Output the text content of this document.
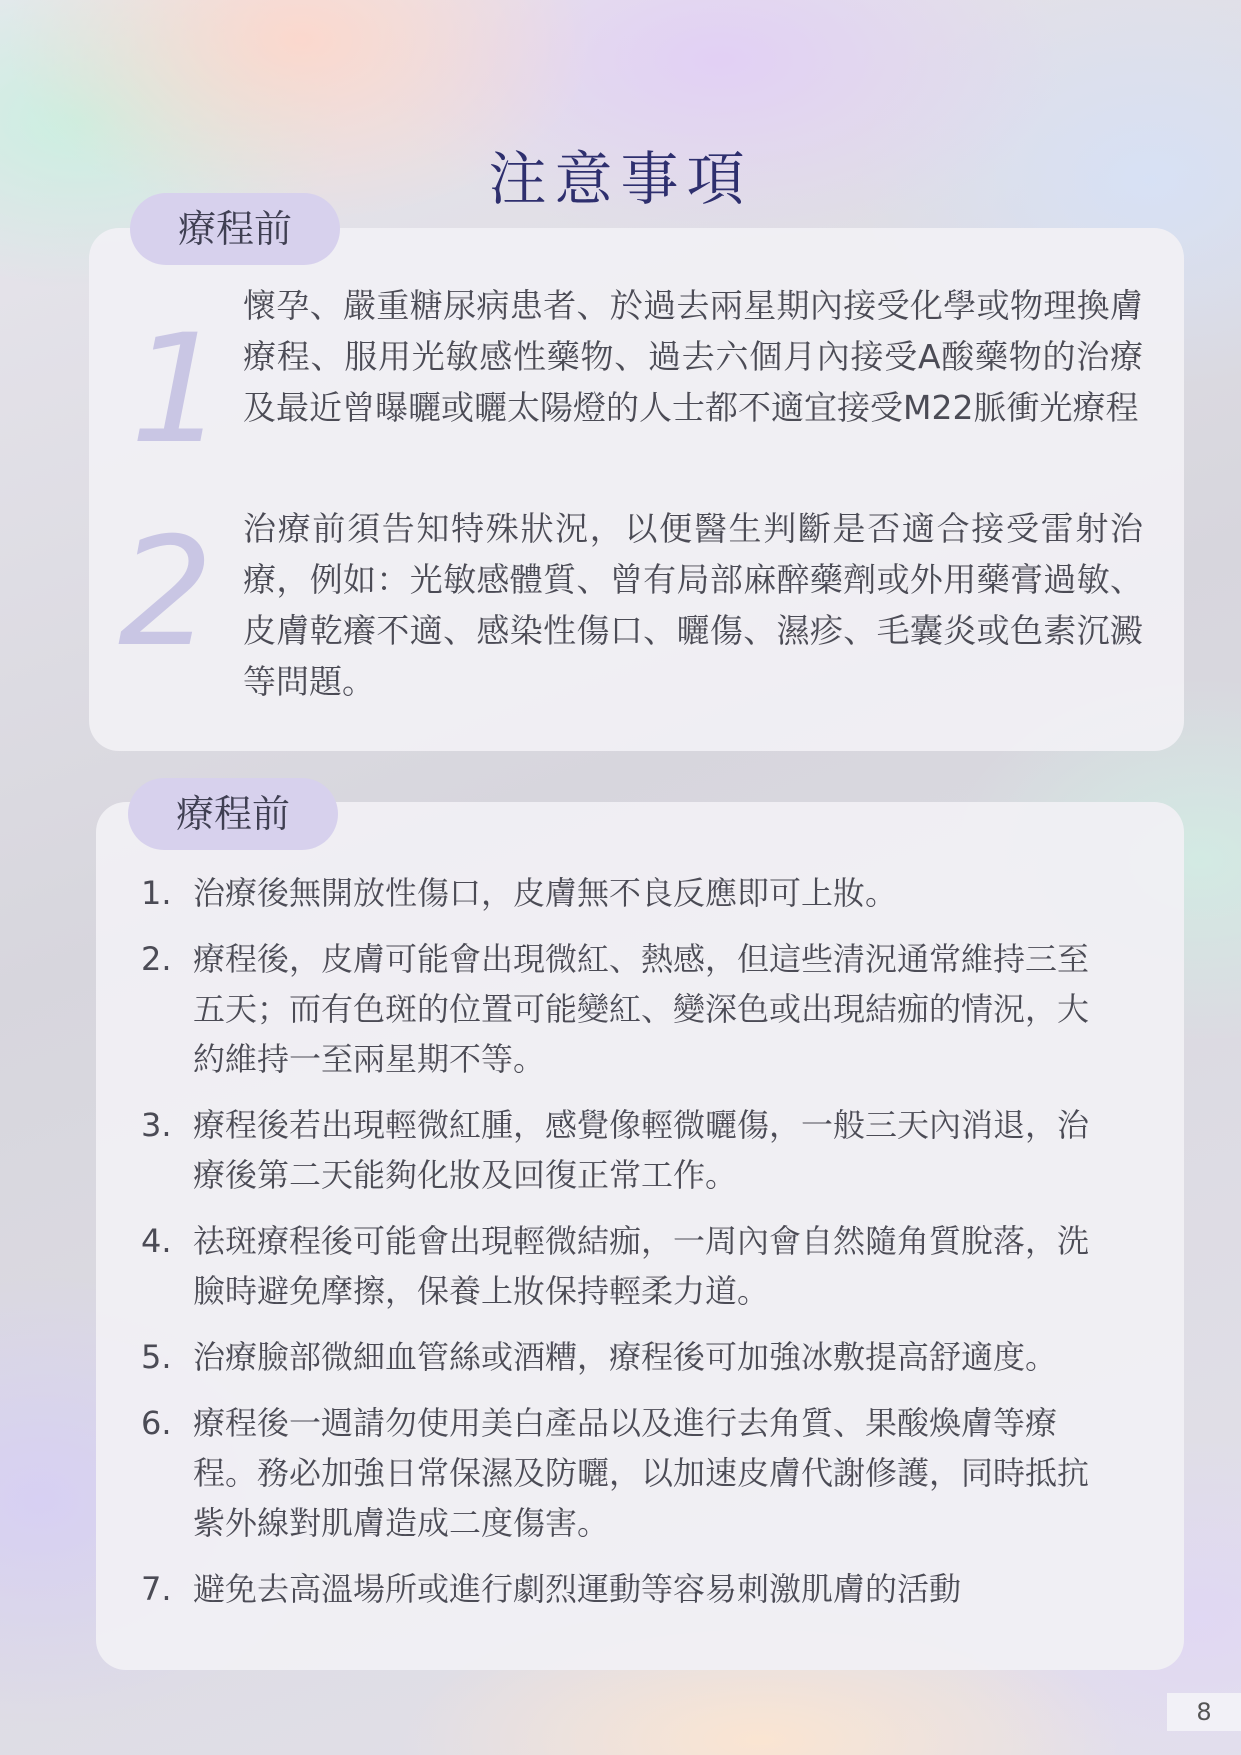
注意事項
療程前
1 懷孕、嚴重糖尿病患者、於過去兩星期內接受化學或物理換膚療程、服用光敏感性藥物、過去六個月內接受A酸藥物的治療及最近曾曝曬或曬太陽燈的人士都不適宜接受M22脈衝光療程

2 治療前須告知特殊狀況，以便醫生判斷是否適合接受雷射治療，例如：光敏感體質、曾有局部麻醉藥劑或外用藥膏過敏、皮膚乾癢不適、感染性傷口、曬傷、濕疹、毛囊炎或色素沉澱等問題。

療程前
1. 治療後無開放性傷口，皮膚無不良反應即可上妝。
2. 療程後，皮膚可能會出現微紅、熱感，但這些清況通常維持三至五天；而有色斑的位置可能變紅、變深色或出現結痂的情況，大約維持一至兩星期不等。
3. 療程後若出現輕微紅腫，感覺像輕微曬傷，一般三天內消退，治療後第二天能夠化妝及回復正常工作。
4. 祛斑療程後可能會出現輕微結痂，一周內會自然隨角質脫落，洗臉時避免摩擦，保養上妝保持輕柔力道。
5. 治療臉部微細血管絲或酒糟，療程後可加強冰敷提高舒適度。
6. 療程後一週請勿使用美白產品以及進行去角質、果酸煥膚等療程。務必加強日常保濕及防曬，以加速皮膚代謝修護，同時抵抗紫外線對肌膚造成二度傷害。
7. 避免去高溫場所或進行劇烈運動等容易刺激肌膚的活動
8
